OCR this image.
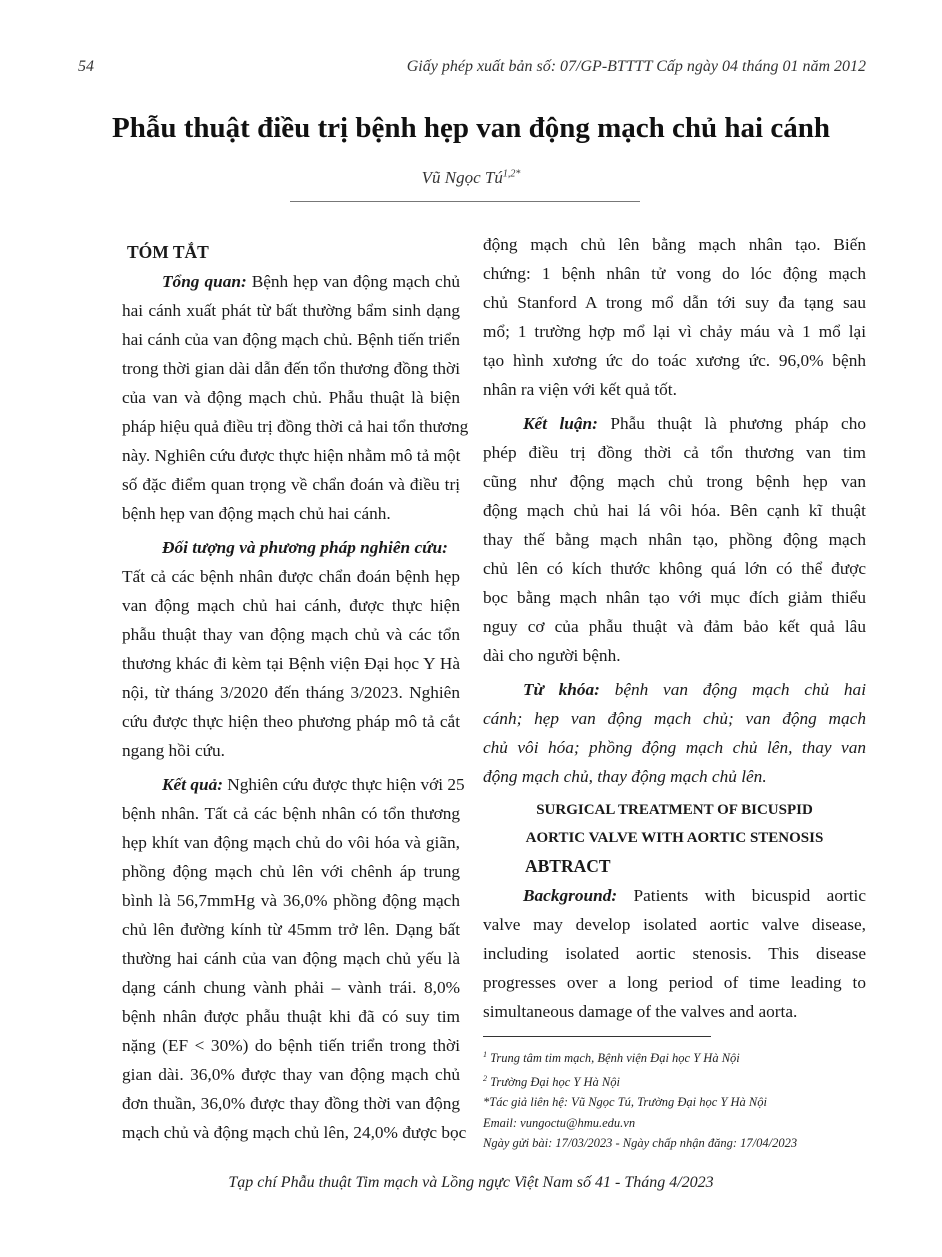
54	Giấy phép xuất bản số: 07/GP-BTTTT Cấp ngày 04 tháng 01 năm 2012
Phẫu thuật điều trị bệnh hẹp van động mạch chủ hai cánh
Vũ Ngọc $Tú^{1,2*}$
TÓM TẮT
Tổng quan: Bệnh hẹp van động mạch chủ
hai cánh xuất phát từ bất thường bẩm sinh dạng
hai cánh của van động mạch chủ. Bệnh tiến triển
trong thời gian dài dẫn đến tổn thương đồng thời
của van và động mạch chủ. Phẫu thuật là biện
pháp hiệu quả điều trị đồng thời cả hai tổn thương
này. Nghiên cứu được thực hiện nhằm mô tả một
số đặc điểm quan trọng về chẩn đoán và điều trị
bệnh hẹp van động mạch chủ hai cánh.
Đối tượng và phương pháp nghiên cứu:
Tất cả các bệnh nhân được chẩn đoán bệnh hẹp
van động mạch chủ hai cánh, được thực hiện
phẫu thuật thay van động mạch chủ và các tổn
thương khác đi kèm tại Bệnh viện Đại học Y Hà
nội, từ tháng 3/2020 đến tháng 3/2023. Nghiên
cứu được thực hiện theo phương pháp mô tả cắt
ngang hồi cứu.
Kết quả: Nghiên cứu được thực hiện với 25
bệnh nhân. Tất cả các bệnh nhân có tổn thương
hẹp khít van động mạch chủ do vôi hóa và giãn,
phồng động mạch chủ lên với chênh áp trung
bình là 56,7mmHg và 36,0% phồng động mạch
chủ lên đường kính từ 45mm trở lên. Dạng bất
thường hai cánh của van động mạch chủ yếu là
dạng cánh chung vành phải – vành trái. 8,0%
bệnh nhân được phẫu thuật khi đã có suy tim
nặng (EF < 30%) do bệnh tiến triển trong thời
gian dài. 36,0% được thay van động mạch chủ
đơn thuần, 36,0% được thay đồng thời van động
mạch chủ và động mạch chủ lên, 24,0% được bọc
động mạch chủ lên bằng mạch nhân tạo. Biến
chứng: 1 bệnh nhân tử vong do lóc động mạch
chủ Stanford A trong mổ dẫn tới suy đa tạng sau
mổ; 1 trường hợp mổ lại vì chảy máu và 1 mổ lại
tạo hình xương ức do toác xương ức. 96,0% bệnh
nhân ra viện với kết quả tốt.
Kết luận: Phẫu thuật là phương pháp cho
phép điều trị đồng thời cả tổn thương van tim
cũng như động mạch chủ trong bệnh hẹp van
động mạch chủ hai lá vôi hóa. Bên cạnh kĩ thuật
thay thế bằng mạch nhân tạo, phồng động mạch
chủ lên có kích thước không quá lớn có thể được
bọc bằng mạch nhân tạo với mục đích giảm thiểu
nguy cơ của phẫu thuật và đảm bảo kết quả lâu
dài cho người bệnh.
Từ khóa: bệnh van động mạch chủ hai
cánh; hẹp van động mạch chủ; van động mạch
chủ vôi hóa; phồng động mạch chủ lên, thay van
động mạch chủ, thay động mạch chủ lên.
SURGICAL TREATMENT OF BICUSPID
AORTIC VALVE WITH AORTIC STENOSIS
ABTRACT
Background: Patients with bicuspid aortic
valve may develop isolated aortic valve disease,
including isolated aortic stenosis. This disease
progresses over a long period of time leading to
simultaneous damage of the valves and aorta.
$^1$ Trung tâm tim mạch, Bệnh viện Đại học Y Hà Nội
$^2$ Trường Đại học Y Hà Nội
*Tác giả liên hệ: Vũ Ngọc Tú, Trường Đại học Y Hà Nội
Email: vungoctu@hmu.edu.vn
Ngày gửi bài: 17/03/2023 - Ngày chấp nhận đăng: 17/04/2023
Tạp chí Phẫu thuật Tim mạch và Lồng ngực Việt Nam số 41 - Tháng 4/2023
